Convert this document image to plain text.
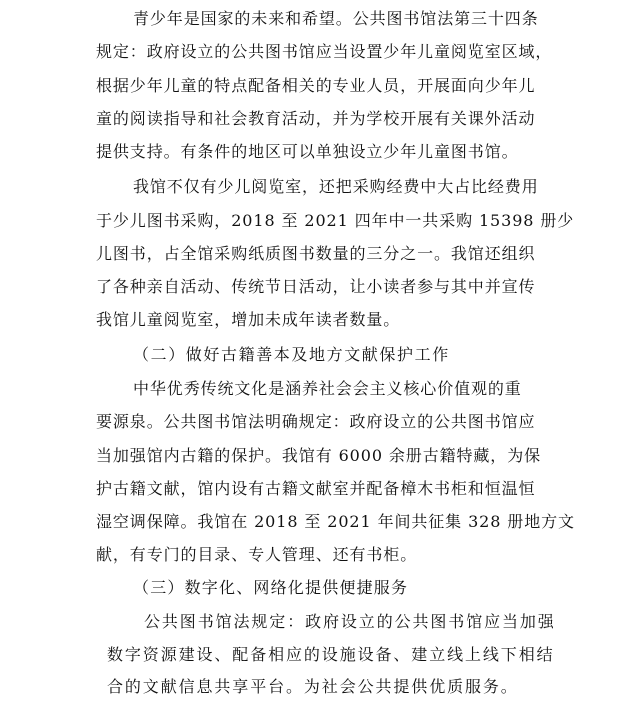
青少年是国家的未来和希望。公共图书馆法第三十四条
规定：政府设立的公共图书馆应当设置少年儿童阅览室区域，
根据少年儿童的特点配备相关的专业人员，开展面向少年儿
童的阅读指导和社会教育活动，并为学校开展有关课外活动
提供支持。有条件的地区可以单独设立少年儿童图书馆。
我馆不仅有少儿阅览室，还把采购经费中大占比经费用
于少儿图书采购，2018 至 2021 四年中一共采购 15398 册少
儿图书，占全馆采购纸质图书数量的三分之一。我馆还组织
了各种亲自活动、传统节日活动，让小读者参与其中并宣传
我馆儿童阅览室，增加未成年读者数量。
（二）做好古籍善本及地方文献保护工作
中华优秀传统文化是涵养社会会主义核心价值观的重
要源泉。公共图书馆法明确规定：政府设立的公共图书馆应
当加强馆内古籍的保护。我馆有 6000 余册古籍特藏，为保
护古籍文献，馆内设有古籍文献室并配备樟木书柜和恒温恒
湿空调保障。我馆在 2018 至 2021 年间共征集 328 册地方文
献，有专门的目录、专人管理、还有书柜。
（三）数字化、网络化提供便捷服务
公共图书馆法规定：政府设立的公共图书馆应当加强
数字资源建设、配备相应的设施设备、建立线上线下相结
合的文献信息共享平台。为社会公共提供优质服务。
